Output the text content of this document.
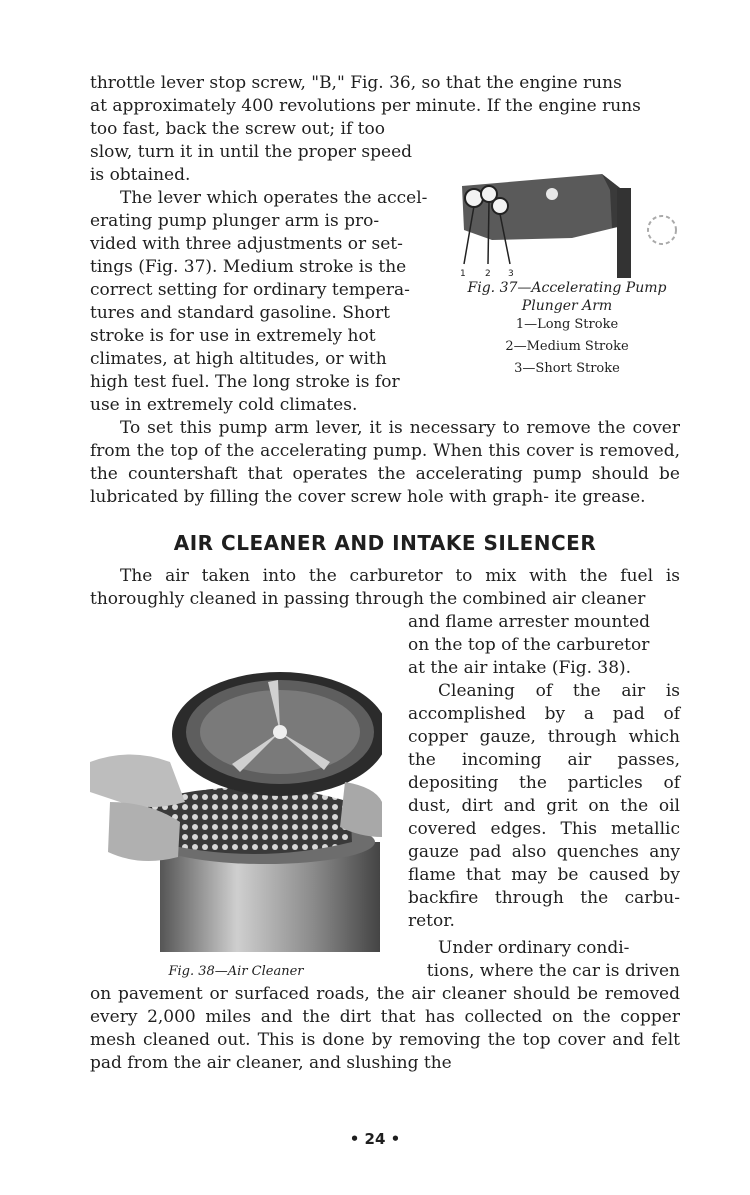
throttle lever stop screw, "B," Fig. 36, so that the engine runs

at approximately 400 revolutions per minute. If the engine runs

too fast, back the screw out; if too

slow, turn it in until the proper speed

is obtained.

The lever which operates the accel-

erating pump plunger arm is pro-

vided with three adjustments or set-

tings (Fig. 37). Medium stroke is the

correct setting for ordinary tempera-

tures and standard gasoline. Short

stroke is for use in extremely hot

climates, at high altitudes, or with

high test fuel. The long stroke is for

use in extremely cold climates.

To set this pump arm lever, it is necessary to remove the cover from the top of the accelerating pump. When this cover is removed, the countershaft that operates the accelerating pump should be lubricated by filling the cover screw hole with graph- ite grease.

AIR CLEANER AND INTAKE SILENCER

The air taken into the carburetor to mix with the fuel is thoroughly cleaned in passing through the combined air cleaner

and flame arrester mounted

on the top of the carburetor

at the air intake (Fig. 38).

Cleaning of the air is accomplished by a pad of copper gauze, through which the incoming air passes, depositing the particles of dust, dirt and grit on the oil covered edges. This metallic gauze pad also quenches any flame that may be caused by backfire through the carbu- retor.

Under ordinary condi-

tions, where the car is driven

on pavement or surfaced roads, the air cleaner should be removed every 2,000 miles and the dirt that has collected on the copper mesh cleaned out. This is done by removing the top cover and felt pad from the air cleaner, and slushing the

1 2 3
Fig. 37—Accelerating Pump
Plunger Arm
1—Long Stroke
2—Medium Stroke
3—Short Stroke
Fig. 38—Air Cleaner
• 24 •
